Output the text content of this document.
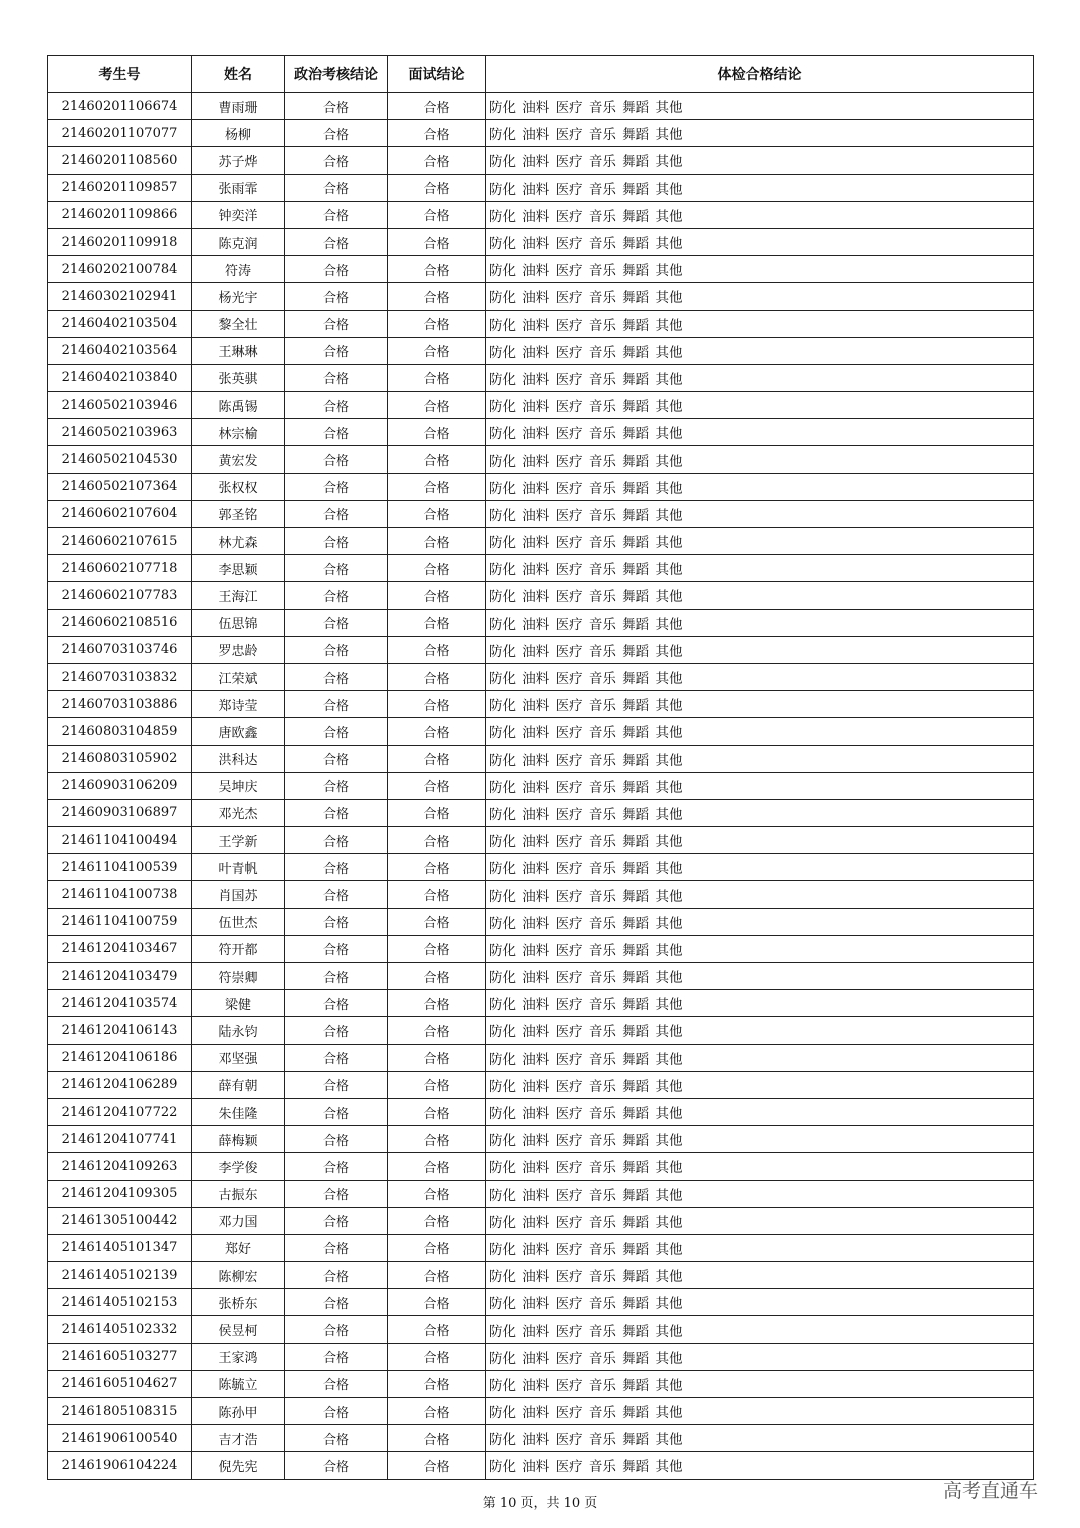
考生号	姓名	政治考核结论	面试结论	体检合格结论
21460201106674	曹雨珊	合格	合格	防化 油料 医疗 音乐 舞蹈 其他
21460201107077	杨柳	合格	合格	防化 油料 医疗 音乐 舞蹈 其他
21460201108560	苏子烨	合格	合格	防化 油料 医疗 音乐 舞蹈 其他
21460201109857	张雨霏	合格	合格	防化 油料 医疗 音乐 舞蹈 其他
21460201109866	钟奕洋	合格	合格	防化 油料 医疗 音乐 舞蹈 其他
21460201109918	陈克润	合格	合格	防化 油料 医疗 音乐 舞蹈 其他
21460202100784	符涛	合格	合格	防化 油料 医疗 音乐 舞蹈 其他
21460302102941	杨光宇	合格	合格	防化 油料 医疗 音乐 舞蹈 其他
21460402103504	黎全壮	合格	合格	防化 油料 医疗 音乐 舞蹈 其他
21460402103564	王琳琳	合格	合格	防化 油料 医疗 音乐 舞蹈 其他
21460402103840	张英骐	合格	合格	防化 油料 医疗 音乐 舞蹈 其他
21460502103946	陈禹锡	合格	合格	防化 油料 医疗 音乐 舞蹈 其他
21460502103963	林宗榆	合格	合格	防化 油料 医疗 音乐 舞蹈 其他
21460502104530	黄宏发	合格	合格	防化 油料 医疗 音乐 舞蹈 其他
21460502107364	张权权	合格	合格	防化 油料 医疗 音乐 舞蹈 其他
21460602107604	郭圣铭	合格	合格	防化 油料 医疗 音乐 舞蹈 其他
21460602107615	林尤森	合格	合格	防化 油料 医疗 音乐 舞蹈 其他
21460602107718	李思颖	合格	合格	防化 油料 医疗 音乐 舞蹈 其他
21460602107783	王海江	合格	合格	防化 油料 医疗 音乐 舞蹈 其他
21460602108516	伍思锦	合格	合格	防化 油料 医疗 音乐 舞蹈 其他
21460703103746	罗忠龄	合格	合格	防化 油料 医疗 音乐 舞蹈 其他
21460703103832	江荣斌	合格	合格	防化 油料 医疗 音乐 舞蹈 其他
21460703103886	郑诗莹	合格	合格	防化 油料 医疗 音乐 舞蹈 其他
21460803104859	唐欧鑫	合格	合格	防化 油料 医疗 音乐 舞蹈 其他
21460803105902	洪科达	合格	合格	防化 油料 医疗 音乐 舞蹈 其他
21460903106209	吴坤庆	合格	合格	防化 油料 医疗 音乐 舞蹈 其他
21460903106897	邓光杰	合格	合格	防化 油料 医疗 音乐 舞蹈 其他
21461104100494	王学新	合格	合格	防化 油料 医疗 音乐 舞蹈 其他
21461104100539	叶青帆	合格	合格	防化 油料 医疗 音乐 舞蹈 其他
21461104100738	肖国苏	合格	合格	防化 油料 医疗 音乐 舞蹈 其他
21461104100759	伍世杰	合格	合格	防化 油料 医疗 音乐 舞蹈 其他
21461204103467	符开都	合格	合格	防化 油料 医疗 音乐 舞蹈 其他
21461204103479	符崇卿	合格	合格	防化 油料 医疗 音乐 舞蹈 其他
21461204103574	梁健	合格	合格	防化 油料 医疗 音乐 舞蹈 其他
21461204106143	陆永钧	合格	合格	防化 油料 医疗 音乐 舞蹈 其他
21461204106186	邓坚强	合格	合格	防化 油料 医疗 音乐 舞蹈 其他
21461204106289	薛有朝	合格	合格	防化 油料 医疗 音乐 舞蹈 其他
21461204107722	朱佳隆	合格	合格	防化 油料 医疗 音乐 舞蹈 其他
21461204107741	薛梅颖	合格	合格	防化 油料 医疗 音乐 舞蹈 其他
21461204109263	李学俊	合格	合格	防化 油料 医疗 音乐 舞蹈 其他
21461204109305	古振东	合格	合格	防化 油料 医疗 音乐 舞蹈 其他
21461305100442	邓力国	合格	合格	防化 油料 医疗 音乐 舞蹈 其他
21461405101347	郑好	合格	合格	防化 油料 医疗 音乐 舞蹈 其他
21461405102139	陈柳宏	合格	合格	防化 油料 医疗 音乐 舞蹈 其他
21461405102153	张桥东	合格	合格	防化 油料 医疗 音乐 舞蹈 其他
21461405102332	侯昱柯	合格	合格	防化 油料 医疗 音乐 舞蹈 其他
21461605103277	王家鸿	合格	合格	防化 油料 医疗 音乐 舞蹈 其他
21461605104627	陈毓立	合格	合格	防化 油料 医疗 音乐 舞蹈 其他
21461805108315	陈孙甲	合格	合格	防化 油料 医疗 音乐 舞蹈 其他
21461906100540	吉才浩	合格	合格	防化 油料 医疗 音乐 舞蹈 其他
21461906104224	倪先宪	合格	合格	防化 油料 医疗 音乐 舞蹈 其他
第 10 页，共 10 页
高考直通车
